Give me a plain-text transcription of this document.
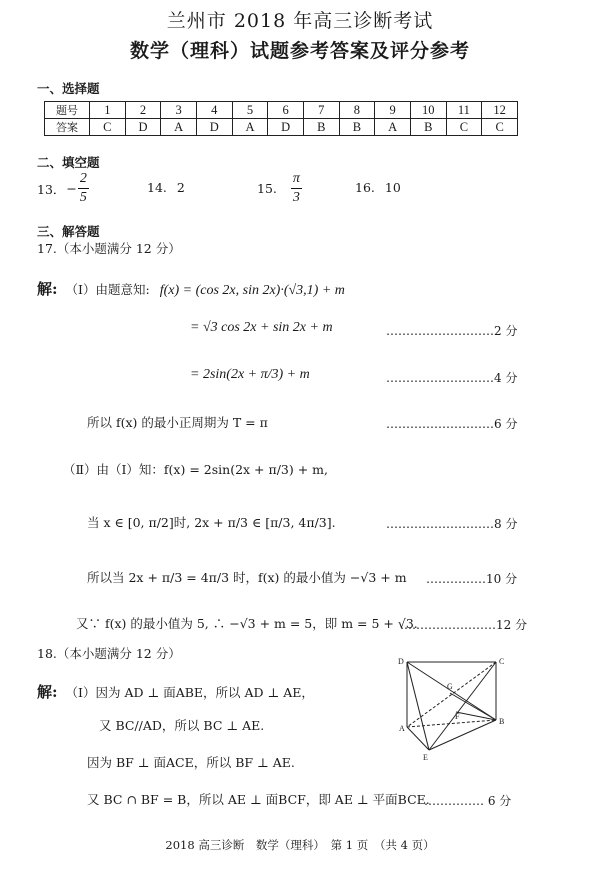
兰州市 2018 年高三诊断考试
数学（理科）试题参考答案及评分参考
一、选择题
题号	1	2	3	4	5	6	7	8	9	10	11	12
答案	C	D	A	D	A	D	B	B	A	B	C	C
二、填空题
13． − $\frac{2}{5}$	14. 2	15. $\frac{\pi}{3}$	16. 10
三、解答题
17.（本小题满分 12 分）
解: （Ⅰ）由题意知: f(x) = (cos 2x, sin 2x)·(√3,1) + m
= √3 cos 2x + sin 2x + m	………………………2 分
= 2sin(2x + π/3) + m	………………………4 分
所以 f(x) 的最小正周期为 T = π	………………………6 分
（Ⅱ）由（Ⅰ）知：f(x) = 2sin(2x + π/3) + m,
当 x ∈ [0, π/2]时, 2x + π/3 ∈ [π/3, 4π/3].	………………………8 分
所以当 2x + π/3 = 4π/3 时，f(x) 的最小值为 −√3 + m ……………10 分
又∵ f(x) 的最小值为 5, ∴ −√3 + m = 5，即 m = 5 + √3.
……………………12 分
18.（本小题满分 12 分）
解: （Ⅰ）因为 AD ⊥ 面ABE，所以 AD ⊥ AE，
又 BC//AD，所以 BC ⊥ AE.
因为 BF ⊥ 面ACE，所以 BF ⊥ AE.
又 BC ∩ BF = B，所以 AE ⊥ 面BCF，即 AE ⊥ 平面BCE.
…………… 6 分
D	C
G
F
A
B
E
2018 高三诊断　数学（理科）　第 1 页　（共 4 页）
